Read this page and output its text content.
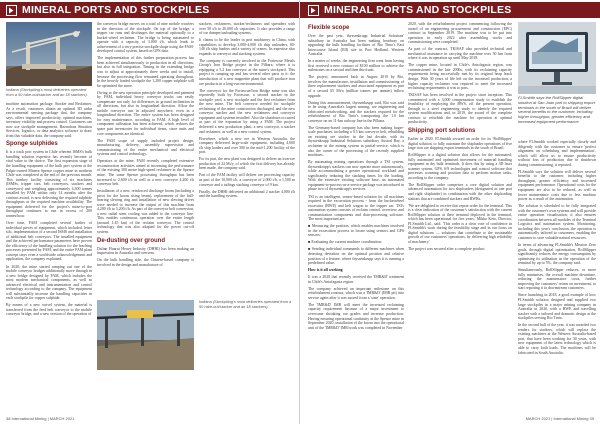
MINERAL PORTS AND STOCKPILES
Indiana (Stockpiling's most deliveries operated from a 50 rake-out/stacker and an 18 stackers).

machine automation package, Stacker and Reclaimer. As a result, customers obtain an optimal 3D radar environmental sensing package that, the company says, offers improved productivity, optimal machines, inventory visibility and process control. Customers can now use stockpile management, Hazardous Situation Services, logistics, or data analytics software to draw from this valuable data, the company said.

Sponge sulphides

It is a track port system in Chile wherein ISMS's bulk handling solution expertise has recently become of vital value to the choice. The first expansion stage of the handling equipment of the bulk port system at the Pulpit-owned Minera Spence copper mine in northern Chile was completed at the end of the previous month. This turnkey facility consisting of six machines (ISMSs, tripper cars, belt conveyors, stackers and conveyors) and weighing approximately 4,300 tonnes installed by FAM within only 14 months after the contract award, is now delivering the required sulphide throughputs at the required machine availability. The equipment delivered for the project's mine-to-port throughput continues to run in excess of 200 tonnes/hour.

Over time, FAM completed several further of individual pieces of equipment, which included, letter silo, implementation of a second ISMS and installation of additional belt conveyors. The installed equipment and the achieved performance parameters have proven the efficiency of the handling solution for the leaching processes presented by FAM, and the entire FAM plant concept stays even a worldwide acknowledgement and application, the company explained.

In 2020, the mine started ramping out one of the mobile conveyor bridges additionally move through in a new bridge designed by FAM, which includes the most modern mechanical components, as well as advanced electrical and instrumentation and control technology according to the company. The equipment will substantially increase the handling capacities in each stockpile for copper sulphide.

By means of a new swivel system, the material is transferred from the feed belt conveyor to the mobile conveyor bridge, and a new version of the operation of

the conveyor bridge moves on a total of nine mobile crawlers in the direction of the stockpile. On top of the bridge, a tripper car runs and discharges the material optionally to a bucket-wheel reclaimer. The bridge is being automated to operate with a capacity of 3,000 t/h, which leads to achievement of a very precise stockpile shape using the FAM-developed control system, based on GPS data.

The implementation of this further preparation process has been achieved simultaneously to production in all directions, but also in full integration. Timing in the extending bridge was to adjust at approximately three weeks and to install, because the processing flow remained operating throughout. In the heavily loaded stockpile the 1,200 copper sulphide will be optimised the more.

Owing to the new operation principle developed and patented by FAM, individual heavy conveyor trucks can easily compensate not only for differences in ground inclination in all directions, but also in longitudinal direction. Allow the mobile conveyor run in adjusted anywhere, even in a longitudinal direction. The entire system has been designed for easy maintenance, according to FAM. A high level of component utilisation has been achieved, which reduces the spare part inventories for individual items, since units and core components are identical.

The FAM scope of supply included project design, manufacturing, delivery, assembly supervision and commissioning of the entire mechanical and electrical systems and control technology.

Operators at the mine, FAM recently completed extensive reconstruction activities aimed at increasing the performance of the existing 300 metre high-speed reclaimer in the Spence mine. The same Spence processing throughput has been increased to 2,600 t/h as well as a new conveyor 4,200 t/h conveyor belt.

Installation of a new, reinforced discharge boom (including a pivot for the boom rising beam), replacement of the ball-bearing slewing ring and installation of new slewing drives were needed to increase the output of this machine from 4,200 t/h to 5,200 t/h. As part of the conveyor belt conversion, a new radial stem cooling was added to the conveyor line. This enables continuous operation over the entire length (around 1.45 km) of the reclaim conveyor. The control technology that was also adapted for the power cut-off system.

De-dusting over ground

Dalian Huarui Heavy Industry (DHHI) has been making an impression in Australia and overseas.

On the bulk handling side, the Chinese-based company is involved in the design and manufacture of

stackers, reclaimers, stacker/reclaimers and spreaders with over 50 t/h to 20,000 t/h capacities. It also provides a range of car dumper/unloading systems.

It claims to be the leader in port machinery in China, with capabilities to develop 3,000-4,000 t/h ship unloaders, 80-140 t/h ship loaders and a variety of cranes. Its expertise also expands to conveyor and stacking systems.

The company is currently involved in the Fortescue Metals Group's Iron Bridge project in the Pilbara, where it is equipping a 5.2 km conveyor at the mine's stockyard. This project is ramping up and has several other parts to it: the introduction of a new magnetite plant that will produce iron ore products in a long-run environmental.

The conveyor for the Fortescue/Iron Bridge mine was also reportedly built by Fortescue, a second stacker in the stockpile yard, a new stockpile and the first reclaimer from the new mine. The belt conveyor needed for stockpile reclaiming of the mine construction discharged, and the new conveyor stacker and the new reclaimers and conveyor equipment and systems installed. Also the shutdown occurred as part of the expansion by using a FAM. The project delivered a new production plant, a new conveyor, a stacker and reclaimer, as well as a new control system.

Elsewhere, which a new ore in Western Australia, the company delivered large-scale equipment, including 4,000 t/h ship loaders and over 500 in the mid-1,200 facility of the port.

For its part, the new plant was designed to deliver an iron-ore production of 22 Mt/y, of which the first delivery has already been made, the company said.

Part of the FAM facility will deliver ore processing capacity as part of the 10,000 t/h, a conveyor of 2,000 t/h, a 1,500 m conveyor and a tailings stacking conveyor of 9 km.

Finally, the DHHI delivered an additional 2 stacker 4,000 t/h and the handling system.

Indiana (Stockpiling's most deliveries operated from a 50 rake-out/stacker and an 18 stackers).
38 International Mining | MARCH 2021
MINERAL PORTS AND STOCKPILES
Flexible scope

Over the past year, thyssenkrupp Industrial Solutions' subsidiary in Australia has been making headway on upgrading the bulk handling facilities of Rio Tinto's East Intercourse Island (EII) site in Port Hedland, Western Australia.

In a matter of weeks, the engineering firm went from having first received a new contract of $100 million to achieve the milestones on a second and then third unit.

The project, announced back in August 2019 by Rio, involves the manufacture, installation and commissioning of three replacement stackers and associated equipment as part of a second 65 Mt/a (million tonnes per annum) inflow upgrade.

During this announcement, thyssenkrupp said, Rio was said to be using Australia's largest mining, ore engineering and fabricated metalworking, and the stackers required for the refurbishment of Rio Tinto's transporting the 1.0 km conveyor on an 11-km railway line in the Pilbara.

The Germany-based company has also been making larger-scale purchases, including a 9.5 km conveyor belt, rebuilding an existing ore stacker in the last decade, with its thyssenkrupp Industrial Solutions subsidiary Austral Bay, a reclaimer in the mining system in partial-service, which is also the owner of the processing of the recently supplied machines.

By automating mining operations through a TSI system, thyssenkrupp's stackers can now operate more autonomously, while accommodating a greater operational workload and significantly reducing the stacking times for the loading. With the extensive existing software base, an automated equipment-to-process-as-a-service package was introduced in phase two of thyssenkrupp's services.

TSI is an intelligent, sensor-based solution for all machines required in the excavation process - from the bucketwheel excavator (BWE) and belt wagon to the tripper car. TSI's automation system consists of reclaim control, overview, and communication components and data-processing software. The most important are:

■ Measuring the position, which enables machines involved in the excavation process to locate using sensors and GPS sensors;

■ Evaluating the current machine coordination;

■ Sending individual commands to different machines when detecting deviation on the optimal position and relative position of a feature, where thyssenkrupp says it is running a predefined value.

How is it all working

It was a 2020 that recently received the 'IMR&D' treatment in Chile's Antofagasta region.

The company achieved an important milestone on this refurbishment contract, which was a 'IMR&D' (IMR pit) into service again after it was moved from a 'state' operation.

The 'IMR&D' IMR will meet the increased reclaiming capacity requirement because of a major investment to overcome shrinking ore grades and increase production. Having ensuring operational continuity at the Spence mine in September 2020, installation of the boom into the operational unit of the 'IMR&D' IMR/work was completed in November

2020, with the refurbishment project commencing following the award of an engineering procurement and construction (EPC) contract in September 2019. The machine was to be put into operation in early 2022 after assembling works and commissioning were completed.

As part of the contract, TKISAF also provided technical and mechanical assistance in carrying the machine over 50 km from where it was in operation up until May 2018.

The copper mine, located in Chile's Antofagasta region, was commissioned in the late 2000s, with its reclaiming capacity requirements being successfully met by its original heap leach design. With 30 years of life left on the increased production, a higher capacity reclaimer was required to meet the increased reclaiming requirements it was to pass.

TKISAF has been involved in the project since inception. This commenced with a 3,000 compensation study to establish the feasibility of employing the BWS, off the present operation, through to a steel engineering study to identify the required system modifications and, in 2019, the award of the complete contract to refurbish the machine for operation at optimal productivity.

Shipping port solutions

Earlier in 2020, FLSmidth secured an order for its 'RollSlipper' digital solution, to fully automate the shiploader operations of five large iron ore shipping export terminals in the south of Brazil.

RollSlipper is a digital solution that allows for the automated, fully automated and optimised movement of material handling equipment in dry bulk terminals. It does this by using a 3D laser scanner system, GPS, 6/9 technologies and control software that processes scanning and position data to perform motion tasks, according to the company.

The RollSlipper order comprises a core digital solution and advanced automation for two shiploaders (designated as one port and right shiploader) in combination with the other shiploading stations that are combined stackers and BWRs.

'We are delighted to receive this repeat order for the terminal. This is a clear indication of the customer's satisfaction with the current RollSlipper solution at their terminal deployed in the terminal, which has been operational for five years,' Mikko Keto, Director, FLSmidth Ltd., said. 'This order is a clear vote of confidence in FLSmidth's work during the feasibility stage and in our focus on digital solutions — solutions that contribute to the sustainable growth of our customers' operations, by delivering high reliability of machinery.'

The project was secured after a complete product

FLSmidth says the RollSlipper digital solution at San Juan port to shipping export terminals in the south of Brazil will deliver several benefits to the customer, including higher throughput, greater efficiency and increased equipment performance

where FLSmidth worked especially closely and diligently with the customer to ensure 'perfect alignment on scheduling and implementation', which will allow us to ensure productivity without loss of production due to shutdown during commissioning, it reported.

FLSmidth says the solution will deliver several benefits to the customer, including higher throughput, greater efficiency and increased equipment performance. Operational costs for the equipment are also to be reduced, as well as lower maintenance costs due to less machine power as a result of the automation.

The solution is scheduled to be fully integrated with the customer's own systems and will provide entire operation visualisation, it also ensures coordination between all modules of the Terminal Logistics and automation system. Monitoring, including this year's conclusion, the operation is automatically tailored to customers, enabling the customer to save valuable natural resources.

In terms of advancing FLSmidth's Mission Zero goals, through digital optimisation, RollSlipper significantly reduces the energy consumption by optimising its utilisation in the operation of the terminal by up to 5%, the company said.

Simultaneously, RollSlipper reduces, or more fully minimises, the overall machine downtime, reducing the maintenance costs, further improving the customers' return on investment, to start reporting it to downstream customers.

Since launching in 2018, a good example of how FLSmidth solution designed and supplied two large stockpiles in a major mining company in Australia in 2020, with a BWE and travelling stacker with a tailored and dramatic design at the stockpiles serving Rio Tinto.

In the second half of the year, it was awarded two tenders for stackers, which will replace the existing machines at the Western Australia-based port, that have been working for 30 years, with new equipment of the latest technology which is able to carry both loads. The machines will be fabricated in South Australia.

MARCH 2021 | International Mining 39
